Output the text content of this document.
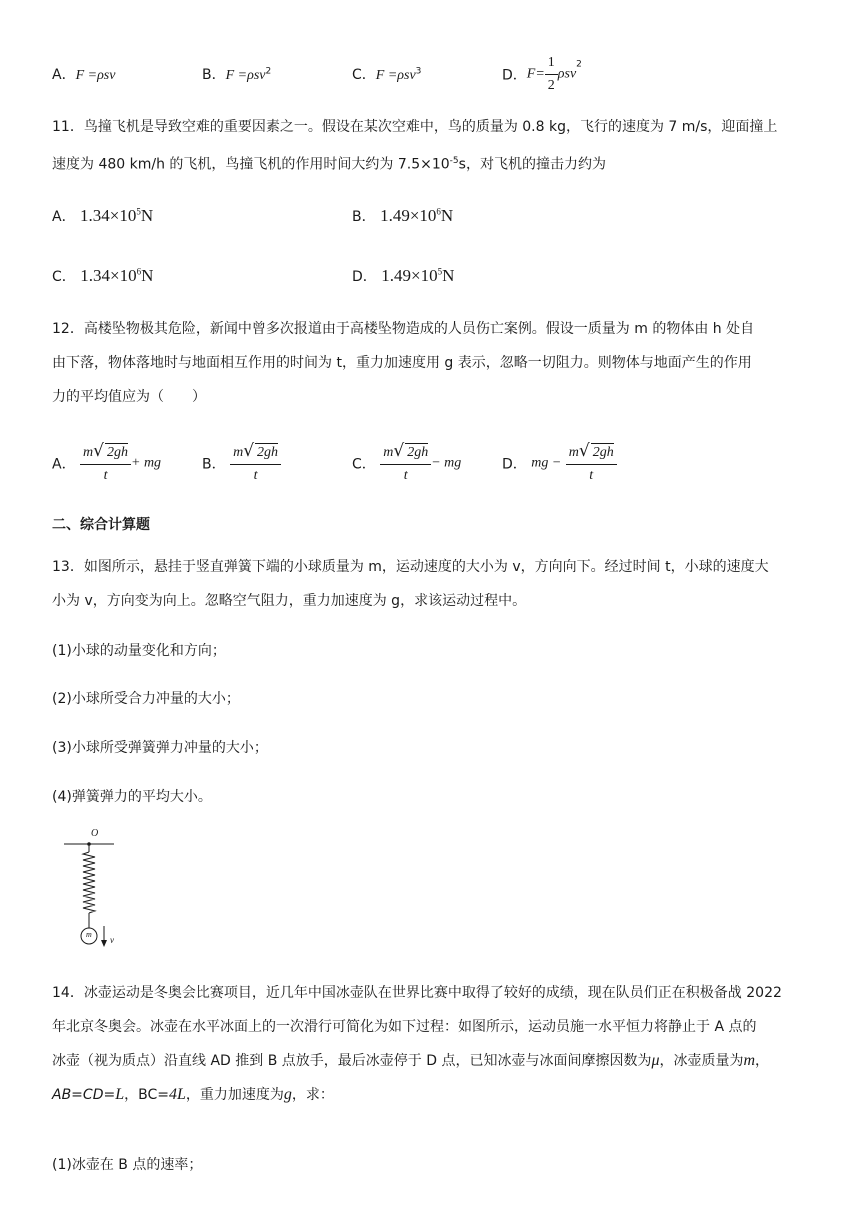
A．F =ρsv	B．F =ρsv$^2$	C．F =ρsv$^3$	D．$F= \frac{1}{2} \rho sv^2$
11．鸟撞飞机是导致空难的重要因素之一。假设在某次空难中，鸟的质量为 0.8 kg，飞行的速度为 7 m/s，迎面撞上
速度为 480 km/h 的飞机，鸟撞飞机的作用时间大约为 $7.5\times 10^{-5}s$，对飞机的撞击力约为
A． $1.34\times 10^5N$	B． $1.49\times 10^6N$
C． $1.34\times 10^6N$	D． $1.49\times 10^5N$
12．高楼坠物极其危险，新闻中曾多次报道由于高楼坠物造成的人员伤亡案例。假设一质量为 m 的物体由 h 处自
由下落，物体落地时与地面相互作用的时间为 t，重力加速度用 g 表示，忽略一切阻力。则物体与地面产生的作用
力的平均值应为（　　）
A． $\frac{m√ 2gh}{t}$ + mg	B． $\frac{m√ 2gh}{t}$	C． $\frac{m√ 2gh}{t}$ − mg	D． mg − $\frac{m√ 2gh}{t}$
二、综合计算题
13．如图所示，悬挂于竖直弹簧下端的小球质量为 m，运动速度的大小为 v，方向向下。经过时间 t，小球的速度大
小为 v，方向变为向上。忽略空气阻力，重力加速度为 g，求该运动过程中。
(1)小球的动量变化和方向；
(2)小球所受合力冲量的大小；
(3)小球所受弹簧弹力冲量的大小；
(4)弹簧弹力的平均大小。
O
m
v
14．冰壶运动是冬奥会比赛项目，近几年中国冰壶队在世界比赛中取得了较好的成绩，现在队员们正在积极备战 2022
年北京冬奥会。冰壶在水平冰面上的一次滑行可简化为如下过程：如图所示，运动员施一水平恒力将静止于 A 点的
冰壶（视为质点）沿直线 AD 推到 B 点放手，最后冰壶停于 D 点，已知冰壶与冰面间摩擦因数为μ，冰壶质量为m，
AB=CD=L，BC=4L，重力加速度为g，求：
(1)冰壶在 B 点的速率；
